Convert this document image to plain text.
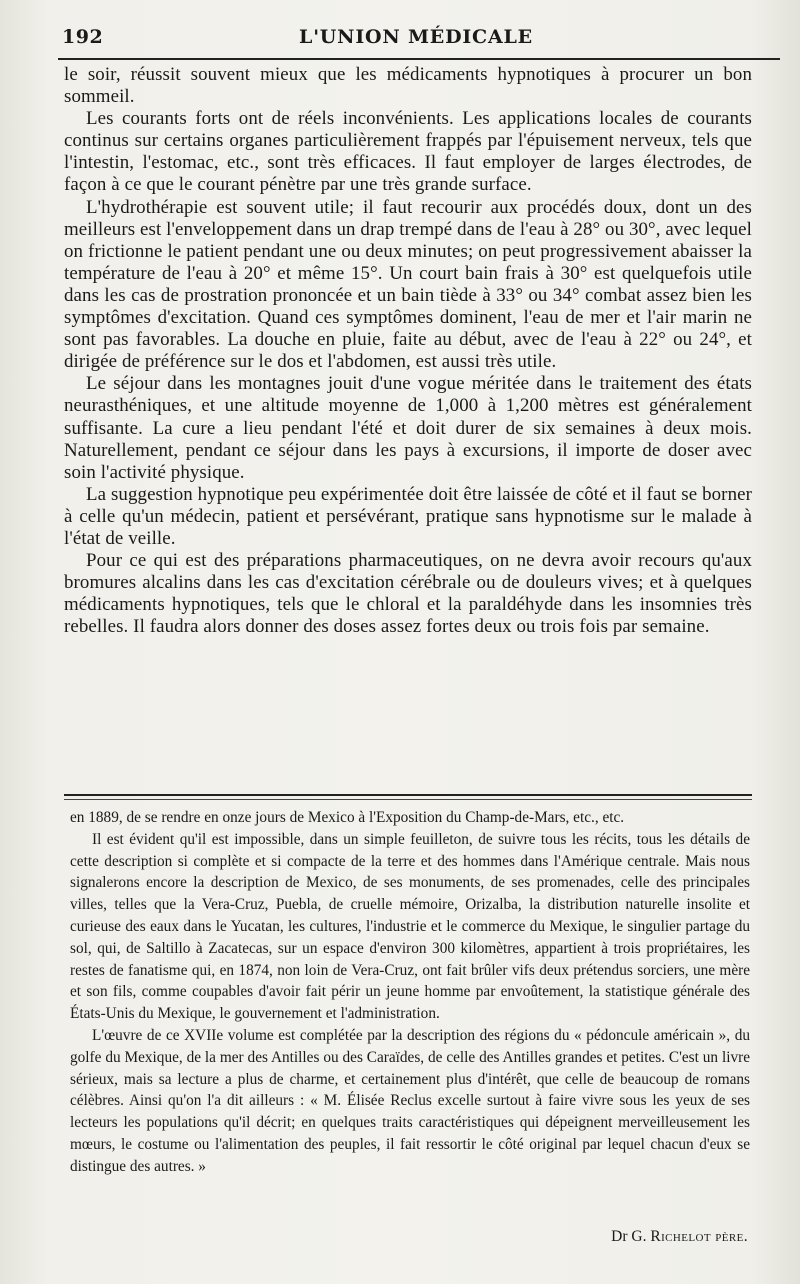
192	L'UNION MÉDICALE

le soir, réussit souvent mieux que les médicaments hypnotiques à procurer un bon sommeil.

Les courants forts ont de réels inconvénients. Les applications locales de courants continus sur certains organes particulièrement frappés par l'épuisement nerveux, tels que l'intestin, l'estomac, etc., sont très efficaces. Il faut employer de larges électrodes, de façon à ce que le courant pénètre par une très grande surface.

L'hydrothérapie est souvent utile; il faut recourir aux procédés doux, dont un des meilleurs est l'enveloppement dans un drap trempé dans de l'eau à 28° ou 30°, avec lequel on frictionne le patient pendant une ou deux minutes; on peut progressivement abaisser la température de l'eau à 20° et même 15°. Un court bain frais à 30° est quelquefois utile dans les cas de prostration prononcée et un bain tiède à 33° ou 34° combat assez bien les symptômes d'excitation. Quand ces symptômes dominent, l'eau de mer et l'air marin ne sont pas favorables. La douche en pluie, faite au début, avec de l'eau à 22° ou 24°, et dirigée de préférence sur le dos et l'abdomen, est aussi très utile.

Le séjour dans les montagnes jouit d'une vogue méritée dans le traitement des états neurasthéniques, et une altitude moyenne de 1,000 à 1,200 mètres est généralement suffisante. La cure a lieu pendant l'été et doit durer de six semaines à deux mois. Naturellement, pendant ce séjour dans les pays à excursions, il importe de doser avec soin l'activité physique.

La suggestion hypnotique peu expérimentée doit être laissée de côté et il faut se borner à celle qu'un médecin, patient et persévérant, pratique sans hypnotisme sur le malade à l'état de veille.

Pour ce qui est des préparations pharmaceutiques, on ne devra avoir recours qu'aux bromures alcalins dans les cas d'excitation cérébrale ou de douleurs vives; et à quelques médicaments hypnotiques, tels que le chloral et la paraldéhyde dans les insomnies très rebelles. Il faudra alors donner des doses assez fortes deux ou trois fois par semaine.

en 1889, de se rendre en onze jours de Mexico à l'Exposition du Champ-de-Mars, etc., etc.

Il est évident qu'il est impossible, dans un simple feuilleton, de suivre tous les récits, tous les détails de cette description si complète et si compacte de la terre et des hommes dans l'Amérique centrale. Mais nous signalerons encore la description de Mexico, de ses monuments, de ses promenades, celle des principales villes, telles que la Vera-Cruz, Puebla, de cruelle mémoire, Orizalba, la distribution naturelle insolite et curieuse des eaux dans le Yucatan, les cultures, l'industrie et le commerce du Mexique, le singulier partage du sol, qui, de Saltillo à Zacatecas, sur un espace d'environ 300 kilomètres, appartient à trois propriétaires, les restes de fanatisme qui, en 1874, non loin de Vera-Cruz, ont fait brûler vifs deux prétendus sorciers, une mère et son fils, comme coupables d'avoir fait périr un jeune homme par envoûtement, la statistique générale des États-Unis du Mexique, le gouvernement et l'administration.

L'œuvre de ce XVIIe volume est complétée par la description des régions du « pédoncule américain », du golfe du Mexique, de la mer des Antilles ou des Caraïdes, de celle des Antilles grandes et petites. C'est un livre sérieux, mais sa lecture a plus de charme, et certainement plus d'intérêt, que celle de beaucoup de romans célèbres. Ainsi qu'on l'a dit ailleurs : « M. Élisée Reclus excelle surtout à faire vivre sous les yeux de ses lecteurs les populations qu'il décrit; en quelques traits caractéristiques qui dépeignent merveilleusement les mœurs, le costume ou l'alimentation des peuples, il fait ressortir le côté original par lequel chacun d'eux se distingue des autres. »

Dr G. Richelot père.
